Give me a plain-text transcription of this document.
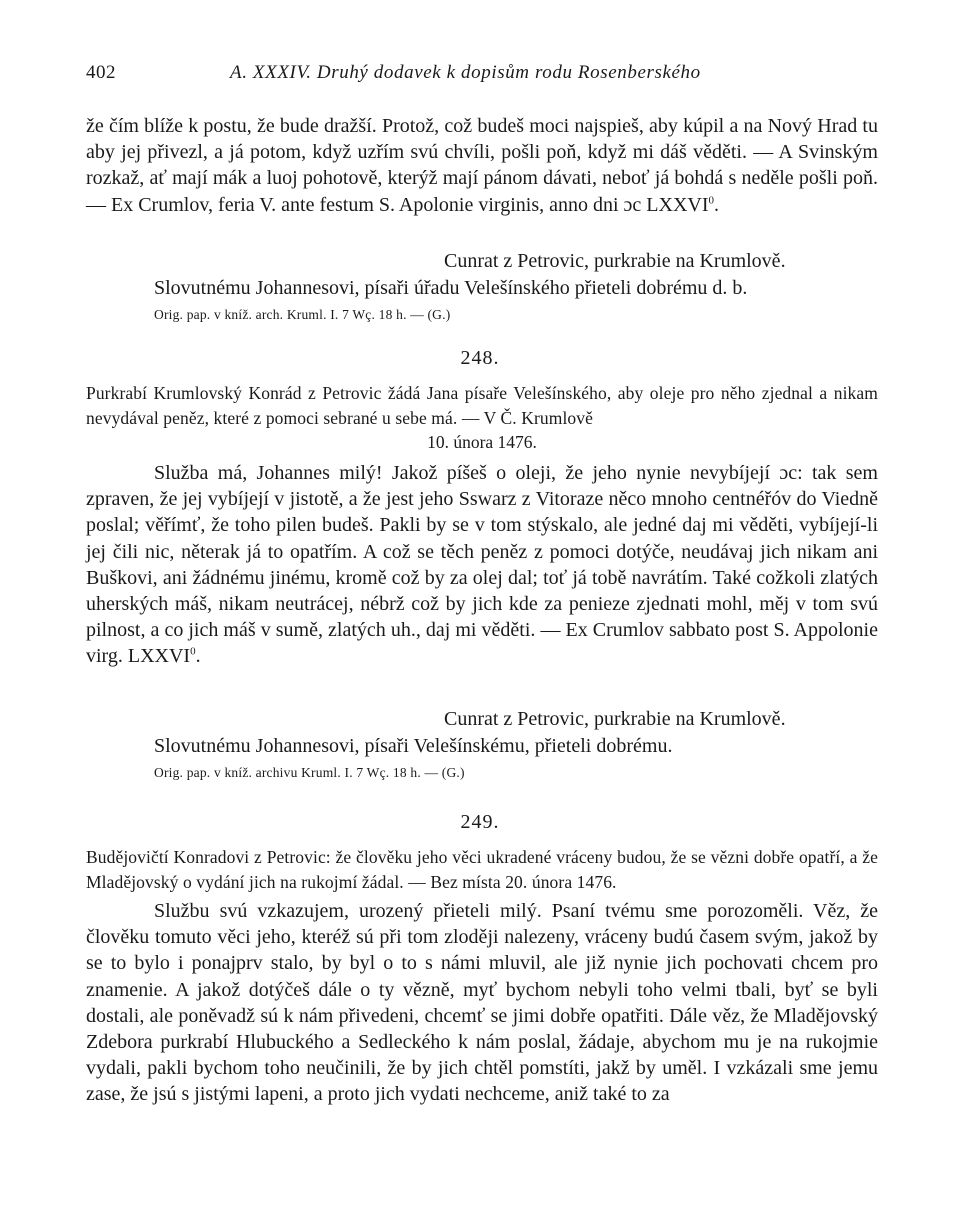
402	A. XXXIV. Druhý dodavek k dopisům rodu Rosenberského

že čím blíže k postu, že bude dražší. Protož, což budeš moci najspieš, aby kúpil a na Nový Hrad tu aby jej přivezl, a já potom, když uzřím svú chvíli, pošli poň, když mi dáš věděti. — A Svinským rozkaž, ať mají mák a luoj pohotově, kterýž mají pánom dávati, neboť já bohdá s neděle pošli poň. — Ex Crumlov, feria V. ante festum S. Apolonie virginis, anno dni ɔc LXXVI$^0$.

Cunrat z Petrovic, purkrabie na Krumlově.
Slovutnému Johannesovi, písaři úřadu Velešínského přieteli dobrému d. b.
Orig. pap. v kníž. arch. Kruml. I. 7 Wç. 18 h. — (G.)
248.

Purkrabí Krumlovský Konrád z Petrovic žádá Jana písaře Velešínského, aby oleje pro něho zjednal a nikam nevydával peněz, které z pomoci sebrané u sebe má. — V Č. Krumlově

10. února 1476.

Služba má, Johannes milý! Jakož píšeš o oleji, že jeho nynie nevybíjejí ɔc: tak sem zpraven, že jej vybíjejí v jistotě, a že jest jeho Sswarz z Vitoraze něco mnoho centnéřóv do Viedně poslal; věřímť, že toho pilen budeš. Pakli by se v tom stýskalo, ale jedné daj mi věděti, vybíjejí-li jej čili nic, něterak já to opatřím. A což se těch peněz z pomoci dotýče, neudávaj jich nikam ani Buškovi, ani žádnému jinému, kromě což by za olej dal; toť já tobě navrátím. Také cožkoli zlatých uherských máš, nikam neutrácej, nébrž což by jich kde za penieze zjednati mohl, měj v tom svú pilnost, a co jich máš v sumě, zlatých uh., daj mi věděti. — Ex Crumlov sabbato post S. Appolonie virg. LXXVI$^0$.

Cunrat z Petrovic, purkrabie na Krumlově.
Slovutnému Johannesovi, písaři Velešínskému, přieteli dobrému.
Orig. pap. v kníž. archivu Kruml. I. 7 Wç. 18 h. — (G.)
249.

Budějovičtí Konradovi z Petrovic: že člověku jeho věci ukradené vráceny budou, že se vězni dobře opatří, a že Mladějovský o vydání jich na rukojmí žádal. — Bez místa 20. února 1476.

Službu svú vzkazujem, urozený přieteli milý. Psaní tvému sme porozoměli. Věz, že člověku tomuto věci jeho, kteréž sú při tom zloději nalezeny, vráceny budú časem svým, jakož by se to bylo i ponajprv stalo, by byl o to s námi mluvil, ale již nynie jich pochovati chcem pro znamenie. A jakož dotýčeš dále o ty vězně, myť bychom nebyli toho velmi tbali, byť se byli dostali, ale poněvadž sú k nám přivedeni, chcemť se jimi dobře opatřiti. Dále věz, že Mladějovský Zdebora purkrabí Hlubuckého a Sedleckého k nám poslal, žádaje, abychom mu je na rukojmie vydali, pakli bychom toho neučinili, že by jich chtěl pomstíti, jakž by uměl. I vzkázali sme jemu zase, že jsú s jistými lapeni, a proto jich vydati nechceme, aniž také to za
